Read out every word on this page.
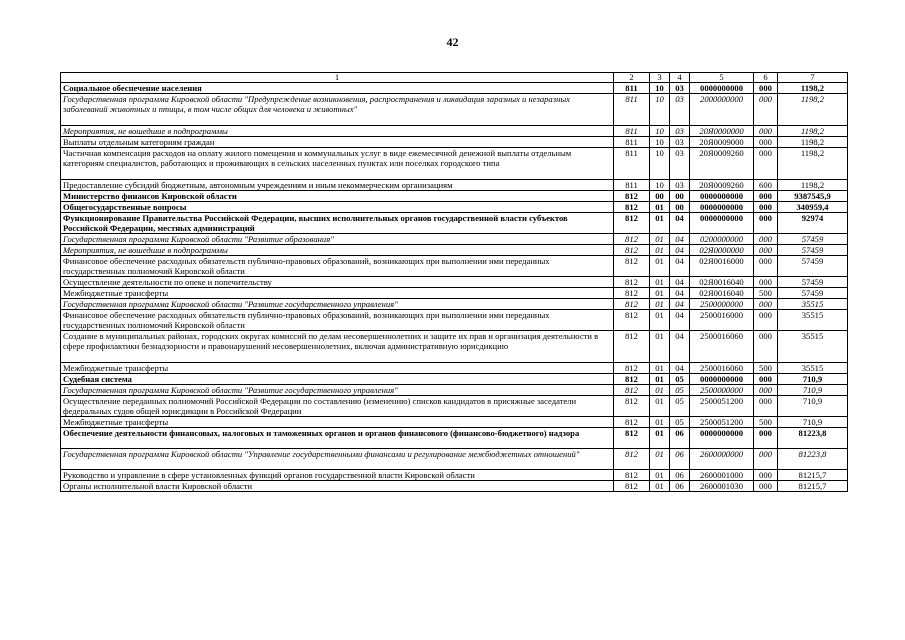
42
1	2	3	4	5	6	7
Социальное обеспечение населения	811	10	03	0000000000	000	1198,2
Государственная программа Кировской области "Предупреждение возникновения, распространения и ликвидация заразных и незаразных заболеваний животных и птицы, в том числе общих для человека и животных"	811	10	03	2000000000	000	1198,2
Мероприятия, не вошедшие в подпрограммы	811	10	03	20Я0000000	000	1198,2
Выплаты отдельным категориям граждан	811	10	03	20Я0009000	000	1198,2
Частичная компенсация расходов на оплату жилого помещения и коммунальных услуг в виде ежемесячной денежной выплаты отдельным категориям специалистов, работающих и проживающих в сельских населенных пунктах или поселках городского типа	811	10	03	20Я0009260	000	1198,2
Предоставление субсидий бюджетным, автономным учреждениям и иным некоммерческим организациям	811	10	03	20Я0009260	600	1198,2
Министерство финансов Кировской области	812	00	00	0000000000	000	9387545,9
Общегосударственные вопросы	812	01	00	0000000000	000	340959,4
Функционирование Правительства Российской Федерации, высших исполнительных органов государственной власти субъектов Российской Федерации, местных администраций	812	01	04	0000000000	000	92974
Государственная программа Кировской области "Развитие образования"	812	01	04	0200000000	000	57459
Мероприятия, не вошедшие в подпрограммы	812	01	04	02Я0000000	000	57459
Финансовое обеспечение расходных обязательств публично-правовых образований, возникающих при выполнении ими переданных государственных полномочий Кировской области	812	01	04	02Я0016000	000	57459
Осуществление деятельности по опеке и попечительству	812	01	04	02Я0016040	000	57459
Межбюджетные трансферты	812	01	04	02Я0016040	500	57459
Государственная программа Кировской области "Развитие государственного управления"	812	01	04	2500000000	000	35515
Финансовое обеспечение расходных обязательств публично-правовых образований, возникающих при выполнении ими переданных государственных полномочий Кировской области	812	01	04	2500016000	000	35515
Создание в муниципальных районах, городских округах комиссий по делам несовершеннолетних и защите их прав и организация деятельности в сфере профилактики безнадзорности и правонарушений несовершеннолетних, включая административную юрисдикцию	812	01	04	2500016060	000	35515
Межбюджетные трансферты	812	01	04	2500016060	500	35515
Судебная система	812	01	05	0000000000	000	710,9
Государственная программа Кировской области "Развитие государственного управления"	812	01	05	2500000000	000	710,9
Осуществление переданных полномочий Российской Федерации по составлению (изменению) списков кандидатов в присяжные заседатели федеральных судов общей юрисдикции в Российской Федерации	812	01	05	2500051200	000	710,9
Межбюджетные трансферты	812	01	05	2500051200	500	710,9
Обеспечение деятельности финансовых, налоговых и таможенных органов и органов финансового (финансово-бюджетного) надзора	812	01	06	0000000000	000	81223,8
Государственная программа Кировской области "Управление государственными финансами и регулирование межбюджетных отношений"	812	01	06	2600000000	000	81223,8
Руководство и управление в сфере установленных функций органов государственной власти Кировской области	812	01	06	2600001000	000	81215,7
Органы исполнительной власти Кировской области	812	01	06	2600001030	000	81215,7
